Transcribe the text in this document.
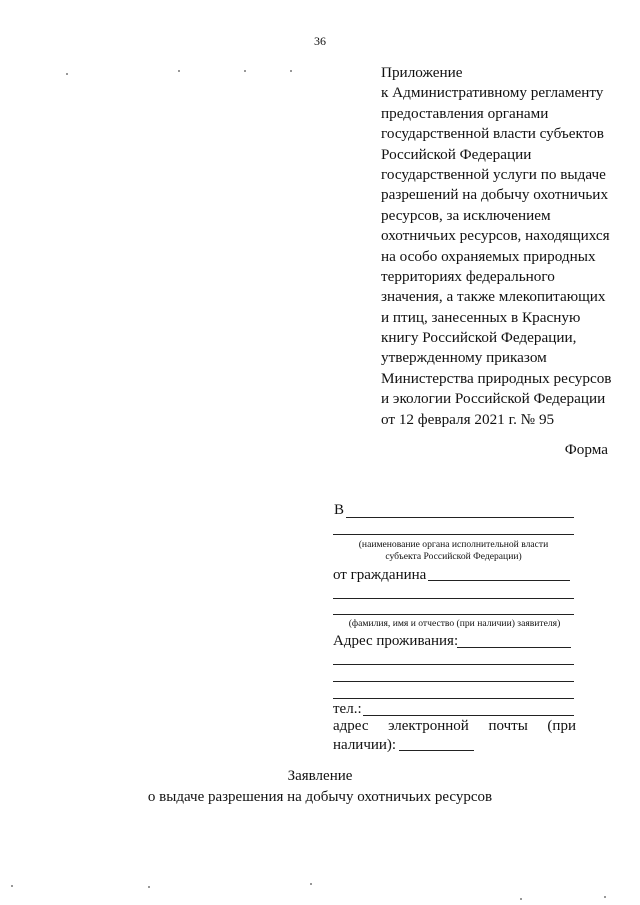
36
Приложение
к Административному регламенту
предоставления органами
государственной власти субъектов
Российской Федерации
государственной услуги по выдаче
разрешений на добычу охотничьих
ресурсов, за исключением
охотничьих ресурсов, находящихся
на особо охраняемых природных
территориях федерального
значения, а также млекопитающих
и птиц, занесенных в Красную
книгу Российской Федерации,
утвержденному приказом
Министерства природных ресурсов
и экологии Российской Федерации
от 12 февраля 2021 г. № 95
Форма
В
(наименование органа исполнительной власти
субъекта Российской Федерации)
от гражданина
(фамилия, имя и отчество (при наличии) заявителя)
Адрес проживания:
тел.:
адрес электронной почты (при
наличии):
Заявление
о выдаче разрешения на добычу охотничьих ресурсов
